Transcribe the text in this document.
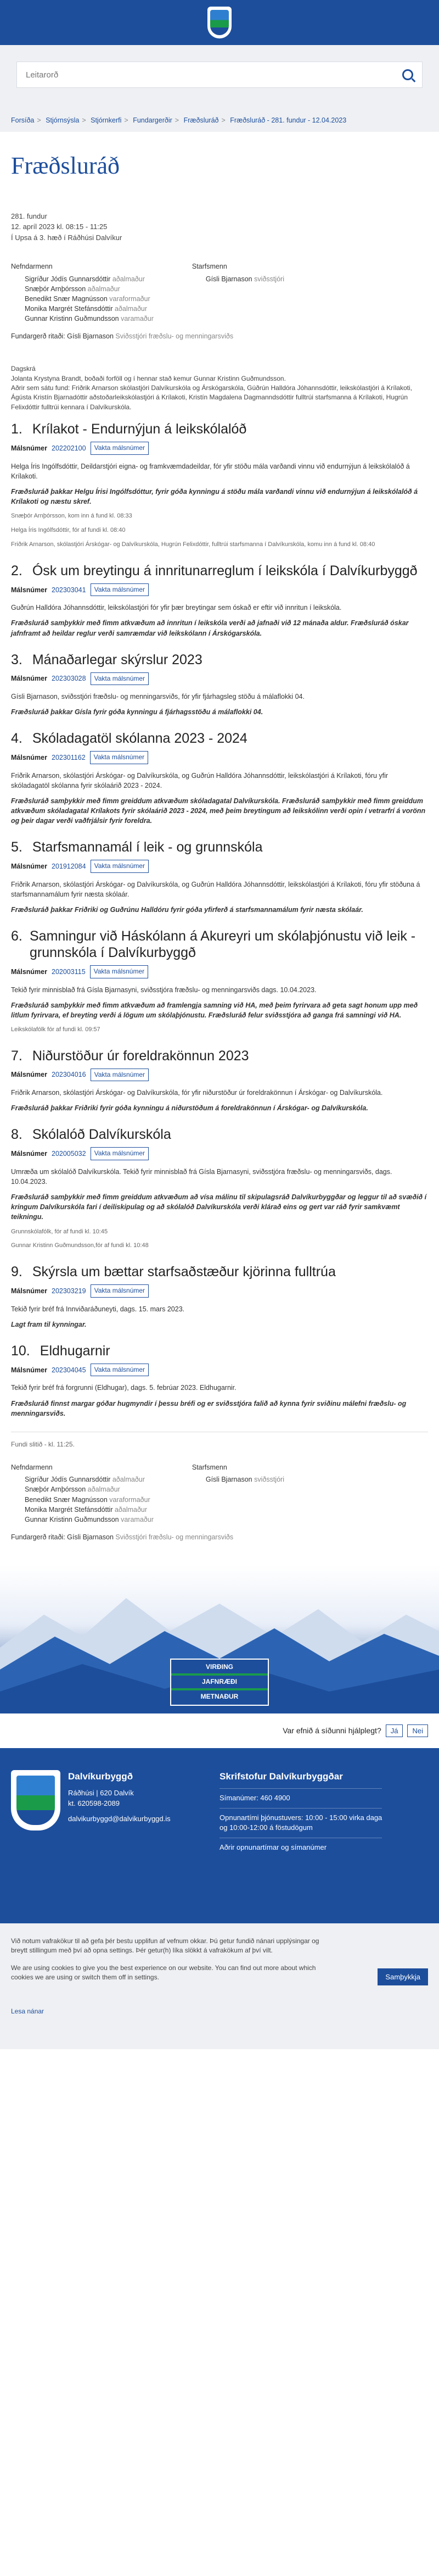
Leitarorð
Forsíða > Stjórnsýsla > Stjórnkerfi > Fundargerðir > Fræðsluráð > Fræðsluráð - 281. fundur - 12.04.2023
Fræðsluráð
281. fundur
12. apríl 2023 kl. 08:15 - 11:25
Í Upsa á 3. hæð í Ráðhúsi Dalvíkur
Nefndarmenn
Sigríður Jódís Gunnarsdóttir aðalmaður
Snæþór Arnþórsson aðalmaður
Benedikt Snær Magnússon varaformaður
Monika Margrét Stefánsdóttir aðalmaður
Gunnar Kristinn Guðmundsson varamaður
Starfsmenn
Gísli Bjarnason sviðsstjóri
Fundargerð ritaði: Gísli Bjarnason Sviðsstjóri fræðslu- og menningarsviðs
Dagskrá
Jolanta Krystyna Brandt, boðaði forföll og í hennar stað kemur Gunnar Kristinn Guðmundsson.
Aðrir sem sátu fund: Friðrik Arnarson skólastjóri Dalvíkurskóla og Árskógarskóla, Gúðrún Halldóra Jóhannsdóttir, leikskólastjóri á Krílakoti, Ágústa Kristín Bjarnadóttir aðstoðarleikskólastjóri á Krílakoti, Kristín Magdalena Dagmanndsdóttir fulltrúi starfsmanna á Krílakoti, Hugrún Felixdóttir fulltrúi kennara í Dalvíkurskóla.
1. Krílakot - Endurnýjun á leikskólalóð
Málsnúmer 202202100	Vakta málsnúmer
Helga Íris Ingólfsdóttir, Deildarstjóri eigna- og framkvæmdadeildar, fór yfir stöðu mála varðandi vinnu við endurnýjun á leikskólalóð á Krílakoti.
Fræðsluráð þakkar Helgu Írisi Ingólfsdóttur, fyrir góða kynningu á stöðu mála varðandi vinnu við endurnýjun á leikskólalóð á Krílakoti og næstu skref.
Snæþór Arnþórsson, kom inn á fund kl. 08:33
Helga Íris Ingólfsdóttir, fór af fundi kl. 08:40
Friðrik Arnarson, skólastjóri Árskógar- og Dalvíkurskóla, Hugrún Felixdóttir, fulltrúi starfsmanna í Dalvíkurskóla, komu inn á fund kl. 08:40
2. Ósk um breytingu á innritunarreglum í leikskóla í Dalvíkurbyggð
Málsnúmer 202303041	Vakta málsnúmer
Guðrún Halldóra Jóhannsdóttir, leikskólastjóri fór yfir þær breytingar sem óskað er eftir við innritun í leikskóla.
Fræðsluráð samþykkir með fimm atkvæðum að innritun í leikskóla verði að jafnaði við 12 mánaða aldur. Fræðsluráð óskar jafnframt að heildar reglur verði samræmdar við leikskólann í Árskógarskóla.
3. Mánaðarlegar skýrslur 2023
Málsnúmer 202303028	Vakta málsnúmer
Gísli Bjarnason, sviðsstjóri fræðslu- og menningarsviðs, fór yfir fjárhagsleg stöðu á málaflokki 04.
Fræðsluráð þakkar Gísla fyrir góða kynningu á fjárhagsstöðu á málaflokki 04.
4. Skóladagatöl skólanna 2023 - 2024
Málsnúmer 202301162	Vakta málsnúmer
Friðrik Arnarson, skólastjóri Árskógar- og Dalvíkurskóla, og Guðrún Halldóra Jóhannsdóttir, leikskólastjóri á Krílakoti, fóru yfir skóladagatöl skólanna fyrir skólaárið 2023 - 2024.
Fræðsluráð samþykkir með fimm greiddum atkvæðum skóladagatal Dalvíkurskóla. Fræðsluráð samþykkir með fimm greiddum atkvæðum skóladagatal Krílakots fyrir skólaárið 2023 - 2024, með þeim breytingum að leikskólinn verði opin í vetrarfrí á vorönn og þeir dagar verði vaðfrjálsir fyrir foreldra.
5. Starfsmannamál í leik - og grunnskóla
Málsnúmer 201912084	Vakta málsnúmer
Friðrik Arnarson, skólastjóri Árskógar- og Dalvíkurskóla, og Guðrún Halldóra Jóhannsdóttir, leikskólastjóri á Krílakoti, fóru yfir stöðuna á starfsmannamálum fyrir næsta skólaár.
Fræðsluráð þakkar Friðriki og Guðrúnu Halldóru fyrir góða yfirferð á starfsmannamálum fyrir næsta skólaár.
6. Samningur við Háskólann á Akureyri um skólaþjónustu við leik - grunnskóla í Dalvíkurbyggð
Málsnúmer 202003115	Vakta málsnúmer
Tekið fyrir minnisblað frá Gísla Bjarnasyni, sviðsstjóra fræðslu- og menningarsviðs dags. 10.04.2023.
Fræðsluráð samþykkir með fimm atkvæðum að framlengja samning við HA, með þeim fyrirvara að geta sagt honum upp með litlum fyrirvara, ef breyting verði á lögum um skólaþjónustu. Fræðsluráð felur sviðsstjóra að ganga frá samningi við HA.
Leikskólafólk fór af fundi kl. 09:57
7. Niðurstöður úr foreldrakönnun 2023
Málsnúmer 202304016	Vakta málsnúmer
Friðrik Arnarson, skólastjóri Árskógar- og Dalvíkurskóla, fór yfir niðurstöður úr foreldrakönnun í Árskógar- og Dalvíkurskóla.
Fræðsluráð þakkar Friðriki fyrir góða kynningu á niðurstöðum á foreldrakönnun í Árskógar- og Dalvíkurskóla.
8. Skólalóð Dalvíkurskóla
Málsnúmer 202005032	Vakta málsnúmer
Umræða um skólalóð Dalvíkurskóla. Tekið fyrir minnisblað frá Gísla Bjarnasyni, sviðsstjóra fræðslu- og menningarsviðs, dags. 10.04.2023.
Fræðsluráð samþykkir með fimm greiddum atkvæðum að vísa málinu til skipulagsráð Dalvíkurbyggðar og leggur til að svæðið í kringum Dalvíkurskóla fari í deiliskipulag og að skólalóð Dalvíkurskóla verði klárað eins og gert var ráð fyrir samkvæmt teikningu.
Grunnskólafólk, fór af fundi kl. 10:45
Gunnar Kristinn Guðmundsson,fór af fundi kl. 10:48
9. Skýrsla um bættar starfsaðstæður kjörinna fulltrúa
Málsnúmer 202303219	Vakta málsnúmer
Tekið fyrir bréf frá Innviðaráðuneyti, dags. 15. mars 2023.
Lagt fram til kynningar.
10. Eldhugarnir
Málsnúmer 202304045	Vakta málsnúmer
Tekið fyrir bréf frá forgrunni (Eldhugar), dags. 5. febrúar 2023. Eldhugarnir.
Fræðsluráð finnst margar góðar hugmyndir í þessu bréfi og er sviðsstjóra falið að kynna fyrir sviðinu málefni fræðslu- og menningarsviðs.
Fundi slitið - kl. 11:25.
Nefndarmenn
Sigríður Jódís Gunnarsdóttir aðalmaður
Snæþór Arnþórsson aðalmaður
Benedikt Snær Magnússon varaformaður
Monika Margrét Stefánsdóttir aðalmaður
Gunnar Kristinn Guðmundsson varamaður
Starfsmenn
Gísli Bjarnason sviðsstjóri
Fundargerð ritaði: Gísli Bjarnason Sviðsstjóri fræðslu- og menningarsviðs
VIRÐING
JAFNRÆÐI
METNAÐUR
Var efnið á síðunni hjálplegt?	Já	Nei
Dalvíkurbyggð
Ráðhúsi | 620 Dalvík
kt. 620598-2089
dalvikurbyggd@dalvikurbyggd.is
Skrifstofur Dalvíkurbyggðar
Símanúmer: 460 4900
Opnunartími þjónustuvers: 10:00 - 15:00 virka daga
og 10:00-12:00 á föstudögum
Aðrir opnunartímar og símanúmer
Við notum vafrakökur til að gefa þér bestu upplifun af vefnum okkar. Þú getur fundið nánari upplýsingar og breytt stillingum með því að opna settings. Þér getur(h) líka slökkt á vafrakökum af því vilt.
We are using cookies to give you the best experience on our website. You can find out more about which cookies we are using or switch them off in settings.	Samþykkja
Lesa nánar
